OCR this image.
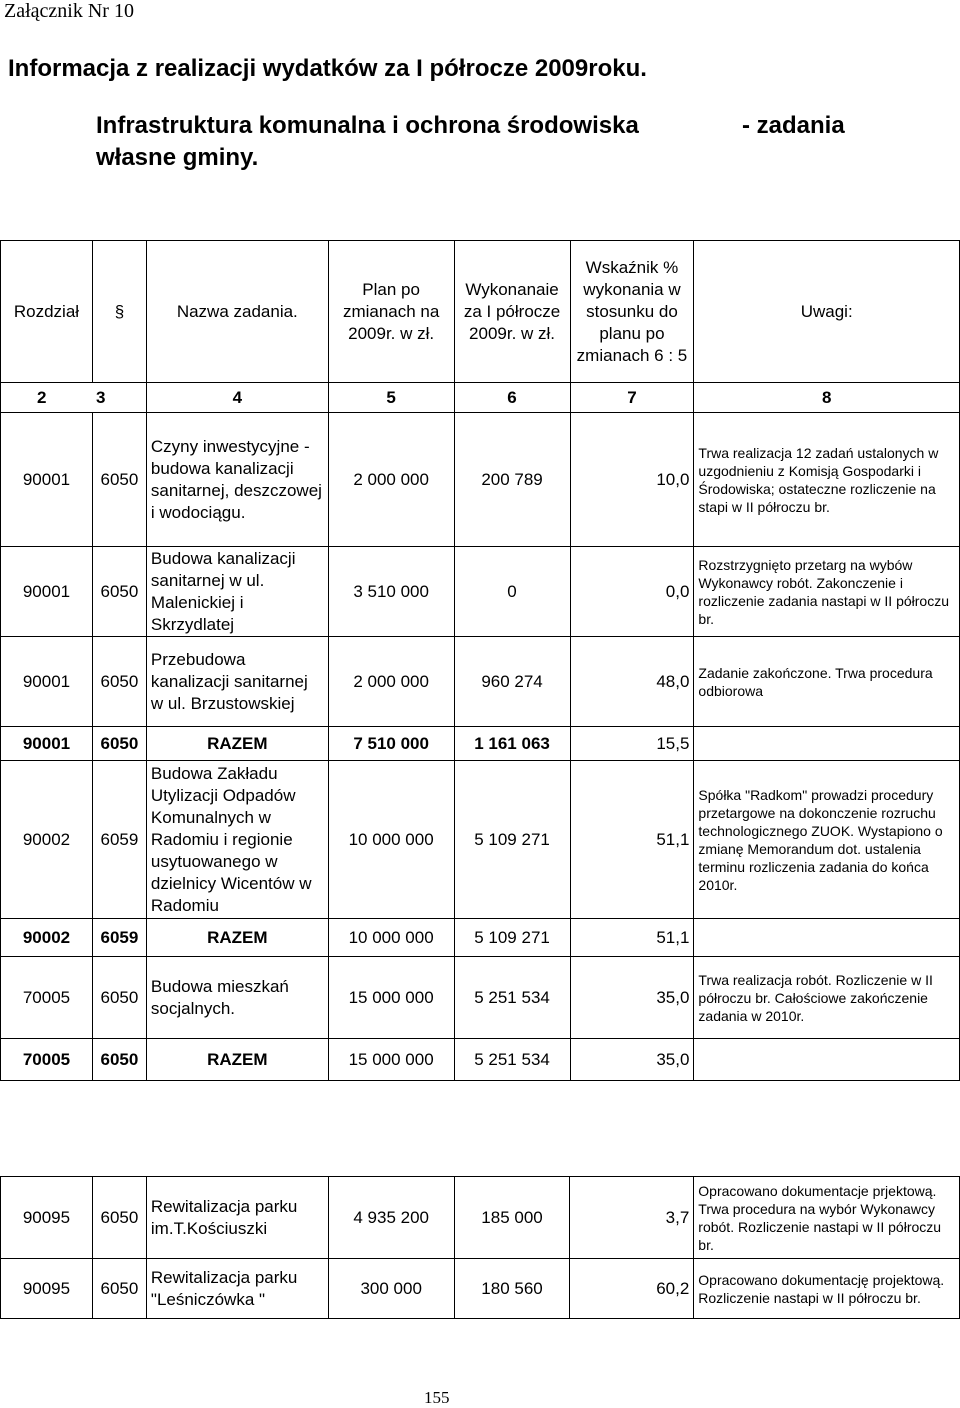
Załącznik Nr 10
Informacja z realizacji wydatków za I półrocze 2009roku.
Infrastruktura komunalna i ochrona środowiska	- zadania
własne gminy.
Rozdział	§	Nazwa zadania.	Plan po zmianach na 2009r. w zł.	Wykonanaie za I półrocze 2009r. w zł.	Wskaźnik % wykonania w stosunku do planu po zmianach 6 : 5	Uwagi:
2 3		4	5	6	7	8
90001	6050	Czyny inwestycyjne - budowa kanalizacji sanitarnej, deszczowej i wodociągu.	2 000 000	200 789	10,0	Trwa realizacja 12 zadań ustalonych w uzgodnieniu z Komisją Gospodarki i Środowiska; ostateczne rozliczenie na stapi w II półroczu br.
90001	6050	Budowa kanalizacji sanitarnej w ul. Malenickiej i Skrzydlatej	3 510 000	0	0,0	Rozstrzygnięto przetarg na wybów Wykonawcy robót. Zakonczenie i rozliczenie zadania nastapi w II półroczu br.
90001	6050	Przebudowa kanalizacji sanitarnej w ul. Brzustowskiej	2 000 000	960 274	48,0	Zadanie zakończone. Trwa procedura odbiorowa
90001	6050	RAZEM	7 510 000	1 161 063	15,5	
90002	6059	Budowa Zakładu Utylizacji Odpadów Komunalnych w Radomiu i regionie usytuowanego w dzielnicy Wicentów w Radomiu	10 000 000	5 109 271	51,1	Spółka "Radkom" prowadzi procedury przetargowe na dokonczenie rozruchu technologicznego ZUOK. Wystapiono o zmianę Memorandum dot. ustalenia terminu rozliczenia zadania do końca 2010r.
90002	6059	RAZEM	10 000 000	5 109 271	51,1	
70005	6050	Budowa mieszkań socjalnych.	15 000 000	5 251 534	35,0	Trwa realizacja robót. Rozliczenie w II półroczu br. Całościowe zakończenie zadania w 2010r.
70005	6050	RAZEM	15 000 000	5 251 534	35,0	
90095	6050	Rewitalizacja parku im.T.Kościuszki	4 935 200	185 000	3,7	Opracowano dokumentacje prjektową. Trwa procedura na wybór Wykonawcy robót. Rozliczenie nastapi w II półroczu br.
90095	6050	Rewitalizacja parku "Leśniczówka "	300 000	180 560	60,2	Opracowano dokumentację projektową. Rozliczenie nastapi w II półroczu br.
155
